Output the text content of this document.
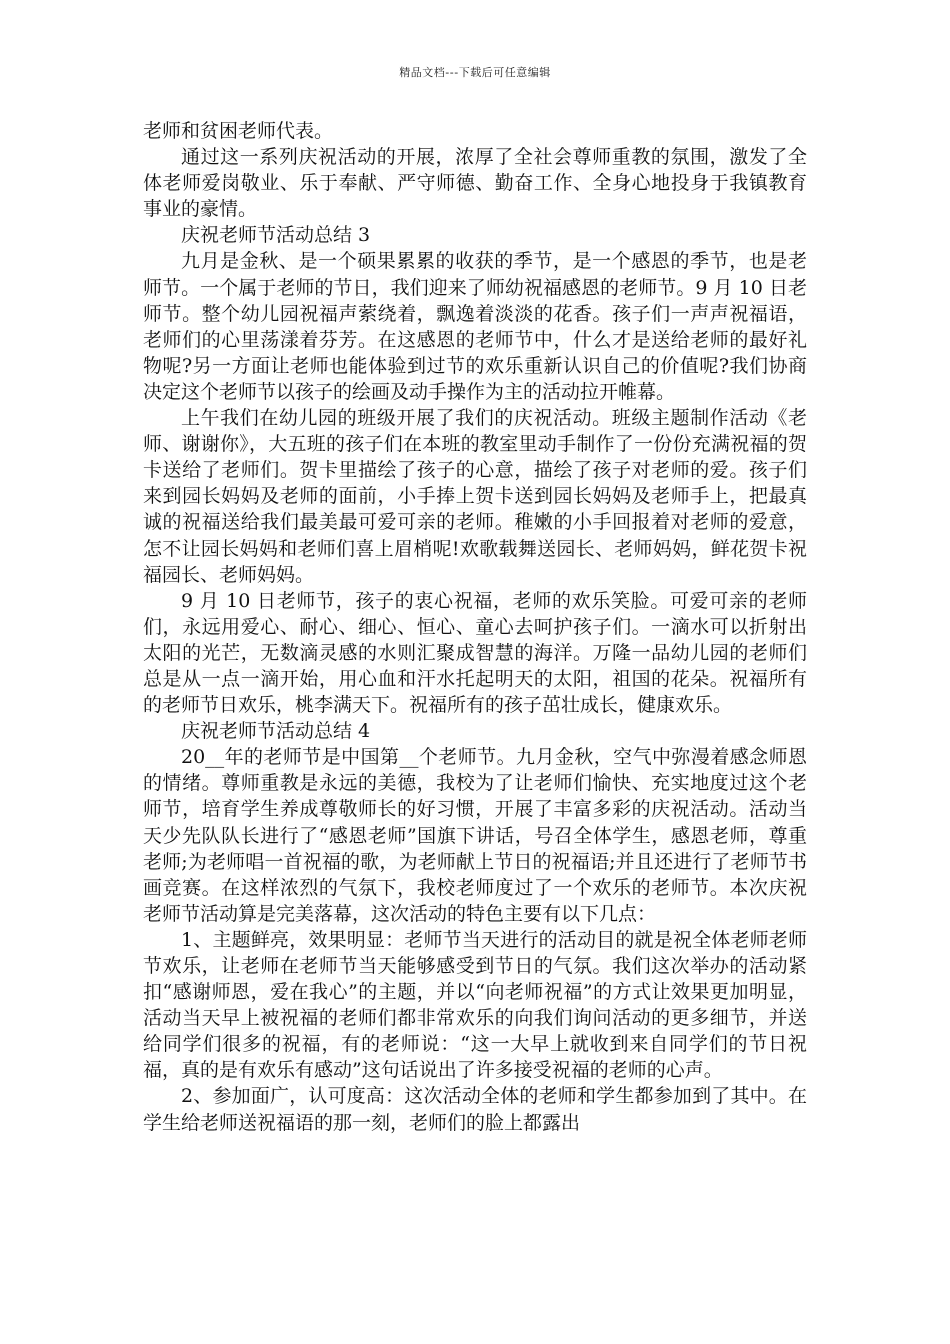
精品文档---下载后可任意编辑

老师和贫困老师代表。

通过这一系列庆祝活动的开展，浓厚了全社会尊师重教的氛围，激发了全体老师爱岗敬业、乐于奉献、严守师德、勤奋工作、全身心地投身于我镇教育事业的豪情。

庆祝老师节活动总结 3

九月是金秋、是一个硕果累累的收获的季节，是一个感恩的季节，也是老师节。一个属于老师的节日，我们迎来了师幼祝福感恩的老师节。9 月 10 日老师节。整个幼儿园祝福声萦绕着，飘逸着淡淡的花香。孩子们一声声祝福语，老师们的心里荡漾着芬芳。在这感恩的老师节中，什么才是送给老师的最好礼物呢?另一方面让老师也能体验到过节的欢乐重新认识自己的价值呢?我们协商决定这个老师节以孩子的绘画及动手操作为主的活动拉开帷幕。

上午我们在幼儿园的班级开展了我们的庆祝活动。班级主题制作活动《老师、谢谢你》，大五班的孩子们在本班的教室里动手制作了一份份充满祝福的贺卡送给了老师们。贺卡里描绘了孩子的心意，描绘了孩子对老师的爱。孩子们来到园长妈妈及老师的面前，小手捧上贺卡送到园长妈妈及老师手上，把最真诚的祝福送给我们最美最可爱可亲的老师。稚嫩的小手回报着对老师的爱意，怎不让园长妈妈和老师们喜上眉梢呢!欢歌载舞送园长、老师妈妈，鲜花贺卡祝福园长、老师妈妈。

9 月 10 日老师节，孩子的衷心祝福，老师的欢乐笑脸。可爱可亲的老师们，永远用爱心、耐心、细心、恒心、童心去呵护孩子们。一滴水可以折射出太阳的光芒，无数滴灵感的水则汇聚成智慧的海洋。万隆一品幼儿园的老师们总是从一点一滴开始，用心血和汗水托起明天的太阳，祖国的花朵。祝福所有的老师节日欢乐，桃李满天下。祝福所有的孩子茁壮成长，健康欢乐。

庆祝老师节活动总结 4

20__年的老师节是中国第__个老师节。九月金秋，空气中弥漫着感念师恩的情绪。尊师重教是永远的美德，我校为了让老师们愉快、充实地度过这个老师节，培育学生养成尊敬师长的好习惯，开展了丰富多彩的庆祝活动。活动当天少先队队长进行了“感恩老师”国旗下讲话，号召全体学生，感恩老师，尊重老师;为老师唱一首祝福的歌，为老师献上节日的祝福语;并且还进行了老师节书画竞赛。在这样浓烈的气氛下，我校老师度过了一个欢乐的老师节。本次庆祝老师节活动算是完美落幕，这次活动的特色主要有以下几点：

1、主题鲜亮，效果明显：老师节当天进行的活动目的就是祝全体老师老师节欢乐，让老师在老师节当天能够感受到节日的气氛。我们这次举办的活动紧扣“感谢师恩，爱在我心”的主题，并以“向老师祝福”的方式让效果更加明显，活动当天早上被祝福的老师们都非常欢乐的向我们询问活动的更多细节，并送给同学们很多的祝福，有的老师说：“这一大早上就收到来自同学们的节日祝福，真的是有欢乐有感动”这句话说出了许多接受祝福的老师的心声。

2、参加面广，认可度高：这次活动全体的老师和学生都参加到了其中。在学生给老师送祝福语的那一刻，老师们的脸上都露出
